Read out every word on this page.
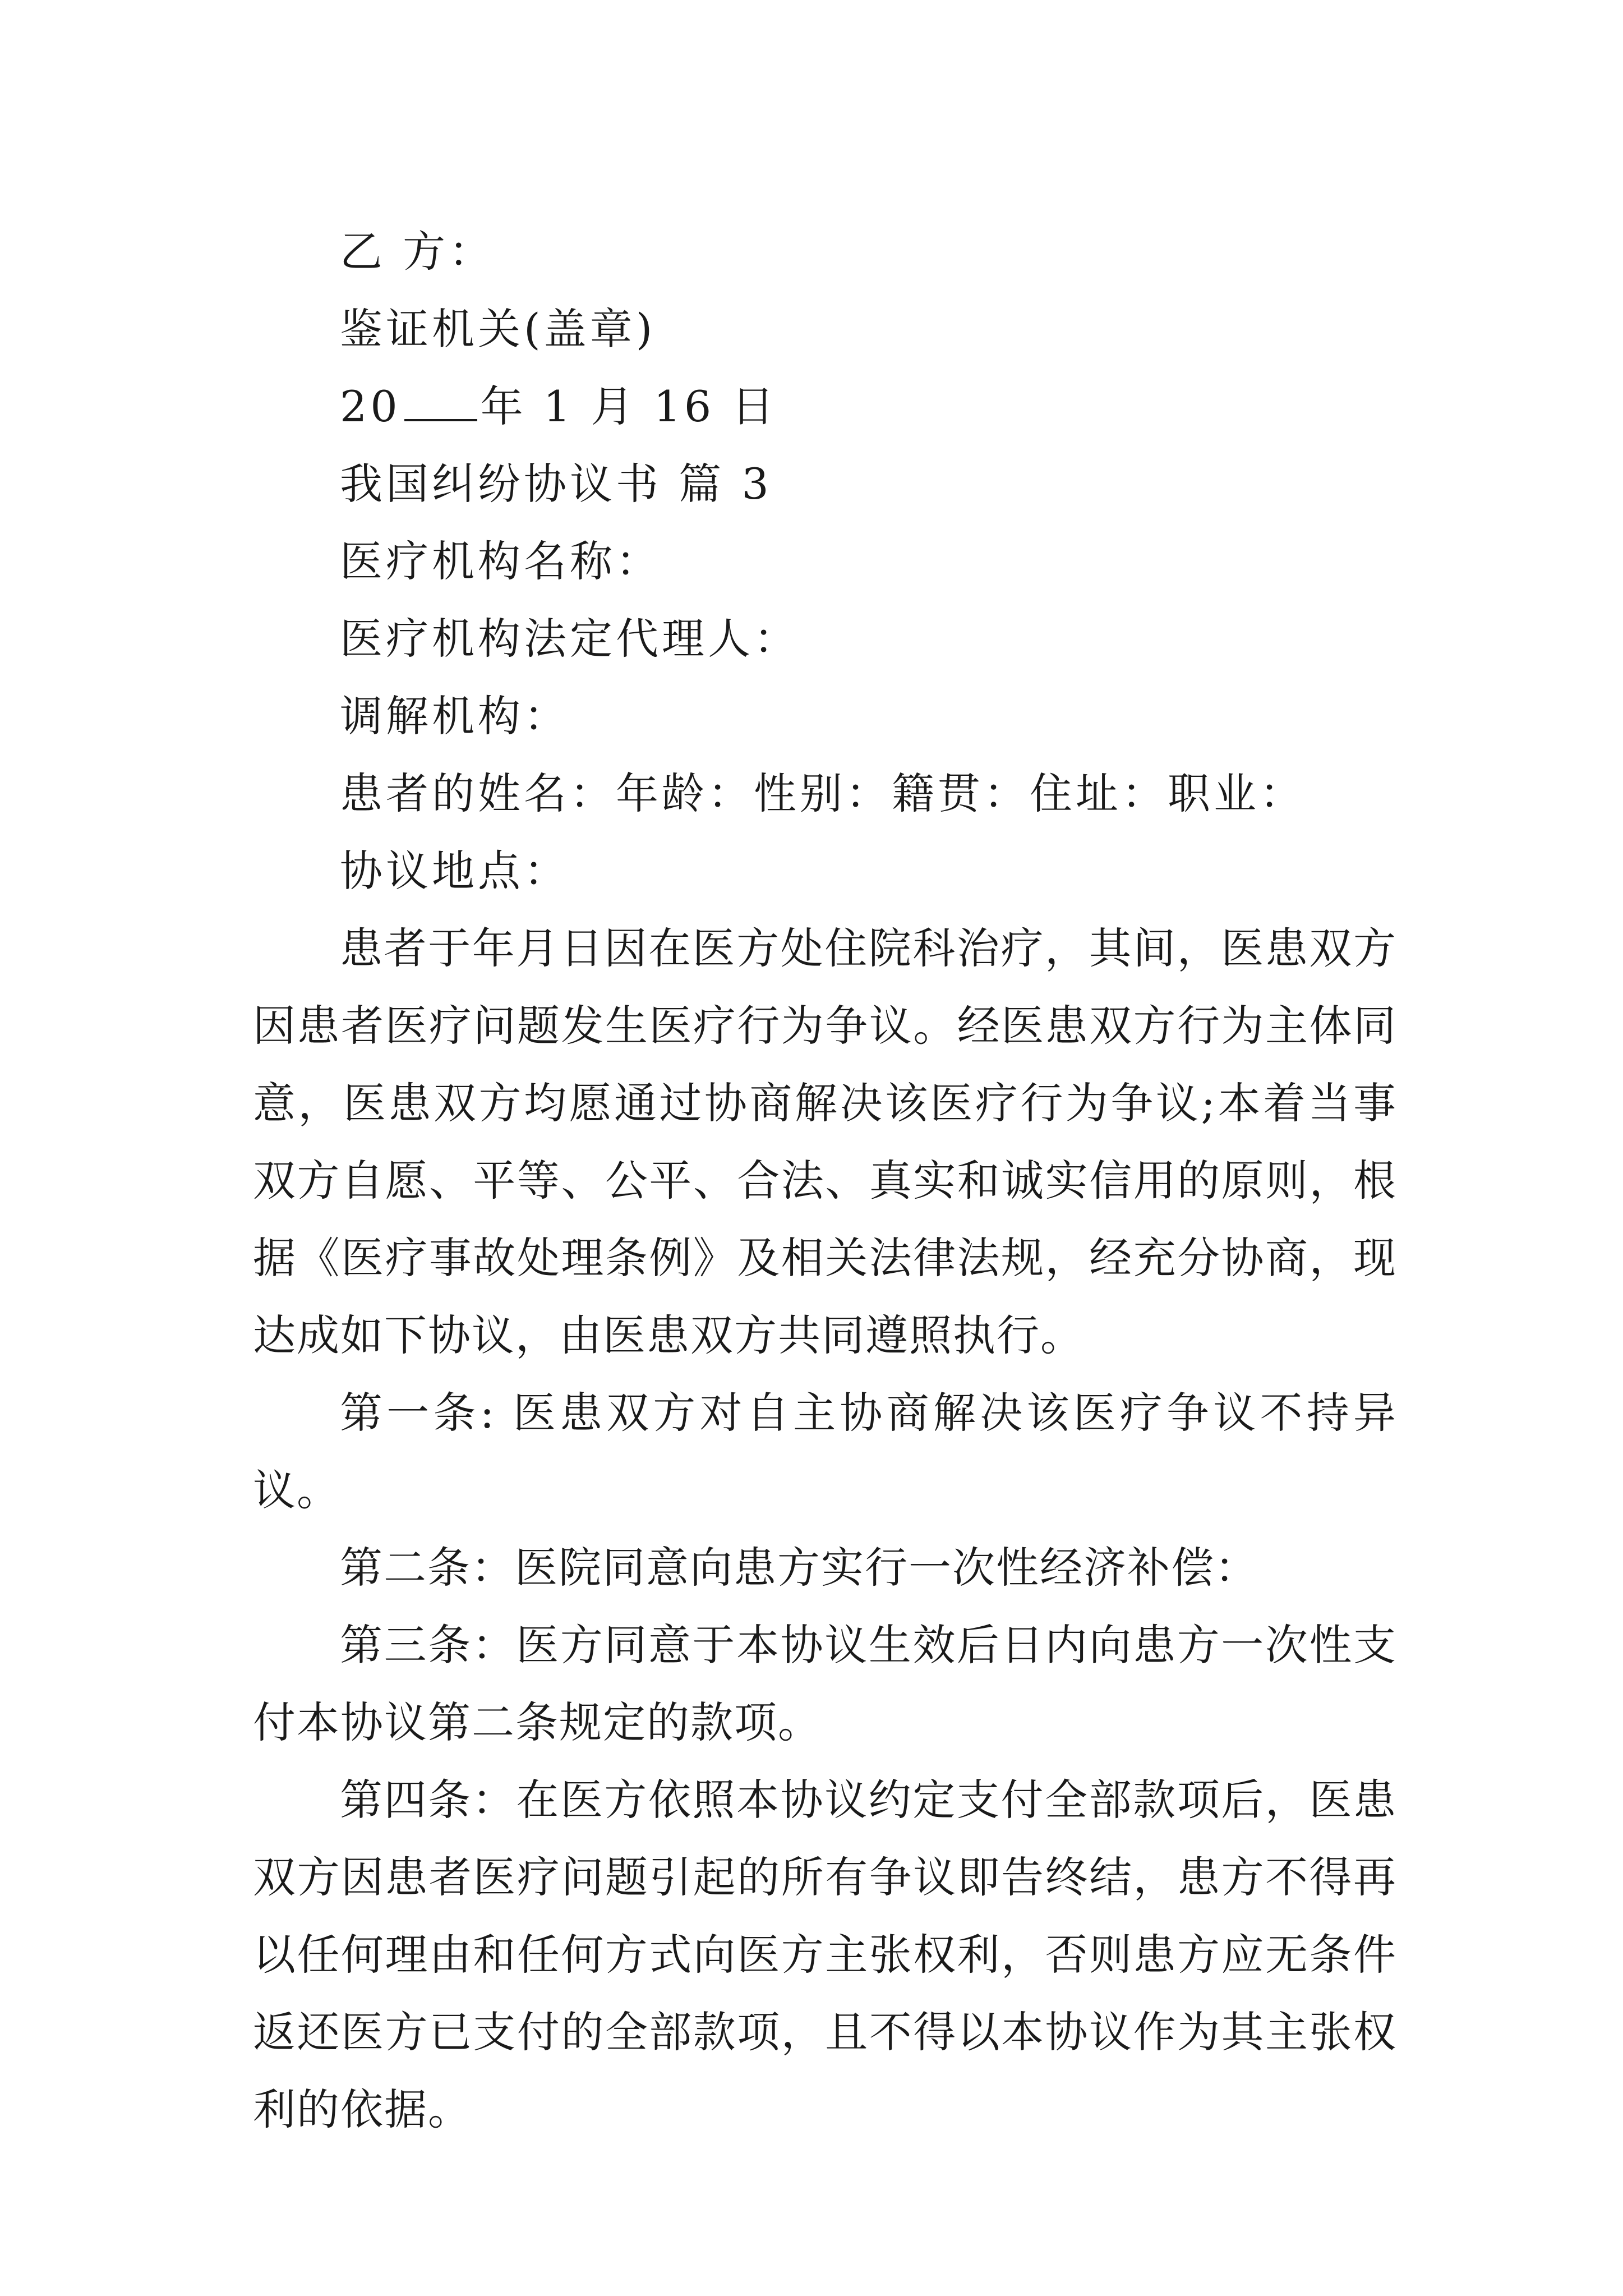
乙 方：

鉴证机关(盖章)

20 年 1 月 16 日

我国纠纷协议书 篇 3

医疗机构名称：

医疗机构法定代理人：

调解机构：

患者的姓名：年龄：性别：籍贯：住址：职业：

协议地点：

患者于年月日因在医方处住院科治疗，其间，医患双方因患者医疗问题发生医疗行为争议。经医患双方行为主体同意，医患双方均愿通过协商解决该医疗行为争议;本着当事双方自愿、平等、公平、合法、真实和诚实信用的原则，根据《医疗事故处理条例》及相关法律法规，经充分协商，现达成如下协议，由医患双方共同遵照执行。

第一条: 医患双方对自主协商解决该医疗争议不持异议。

第二条：医院同意向患方实行一次性经济补偿：

第三条：医方同意于本协议生效后日内向患方一次性支付本协议第二条规定的款项。

第四条：在医方依照本协议约定支付全部款项后，医患双方因患者医疗问题引起的所有争议即告终结，患方不得再以任何理由和任何方式向医方主张权利，否则患方应无条件返还医方已支付的全部款项，且不得以本协议作为其主张权利的依据。
